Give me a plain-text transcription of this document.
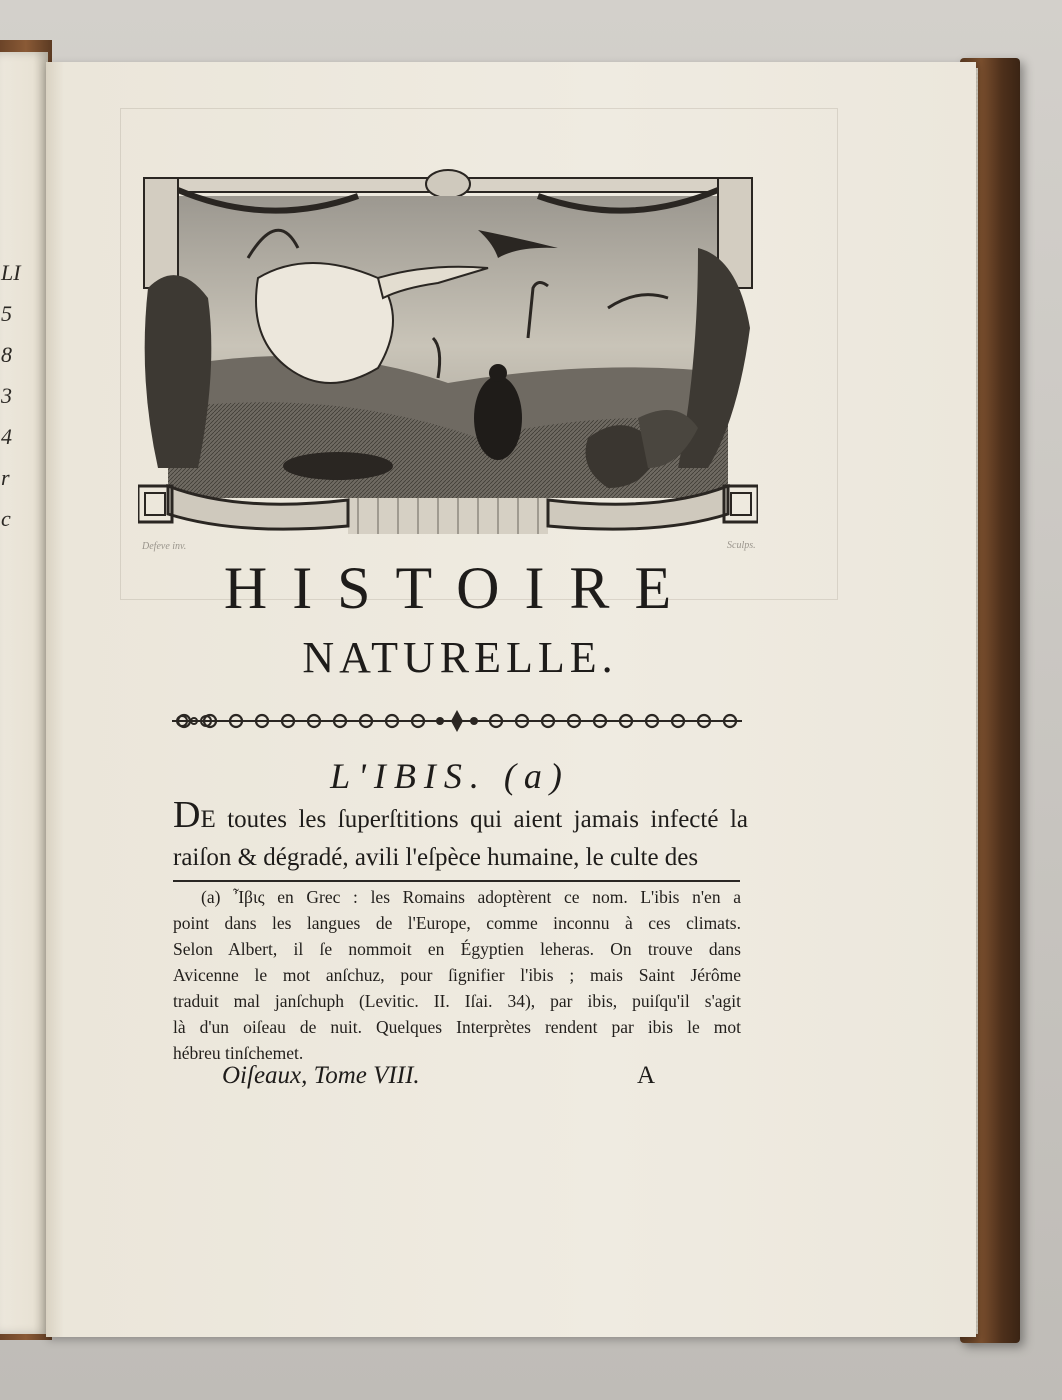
LI
5
8
3
4
r
c
Defeve inv.	Sculps.
HISTOIRE
NATURELLE.
L'IBIS. (a)
DE toutes les ſuperſtitions qui aient jamais infecté la raiſon & dégradé, avili l'eſpèce humaine, le culte des
(a) Ἶβις en Grec : les Romains adoptèrent ce nom. L'ibis n'en a
point dans les langues de l'Europe, comme inconnu à ces climats.
Selon Albert, il ſe nommoit en Égyptien leheras. On trouve dans
Avicenne le mot anſchuz, pour ſignifier l'ibis ; mais Saint Jérôme
traduit mal janſchuph (Levitic. II. Iſai. 34), par ibis, puiſqu'il s'agit
là d'un oiſeau de nuit. Quelques Interprètes rendent par ibis le mot
hébreu tinſchemet.
Oiſeaux, Tome VIII.	A
